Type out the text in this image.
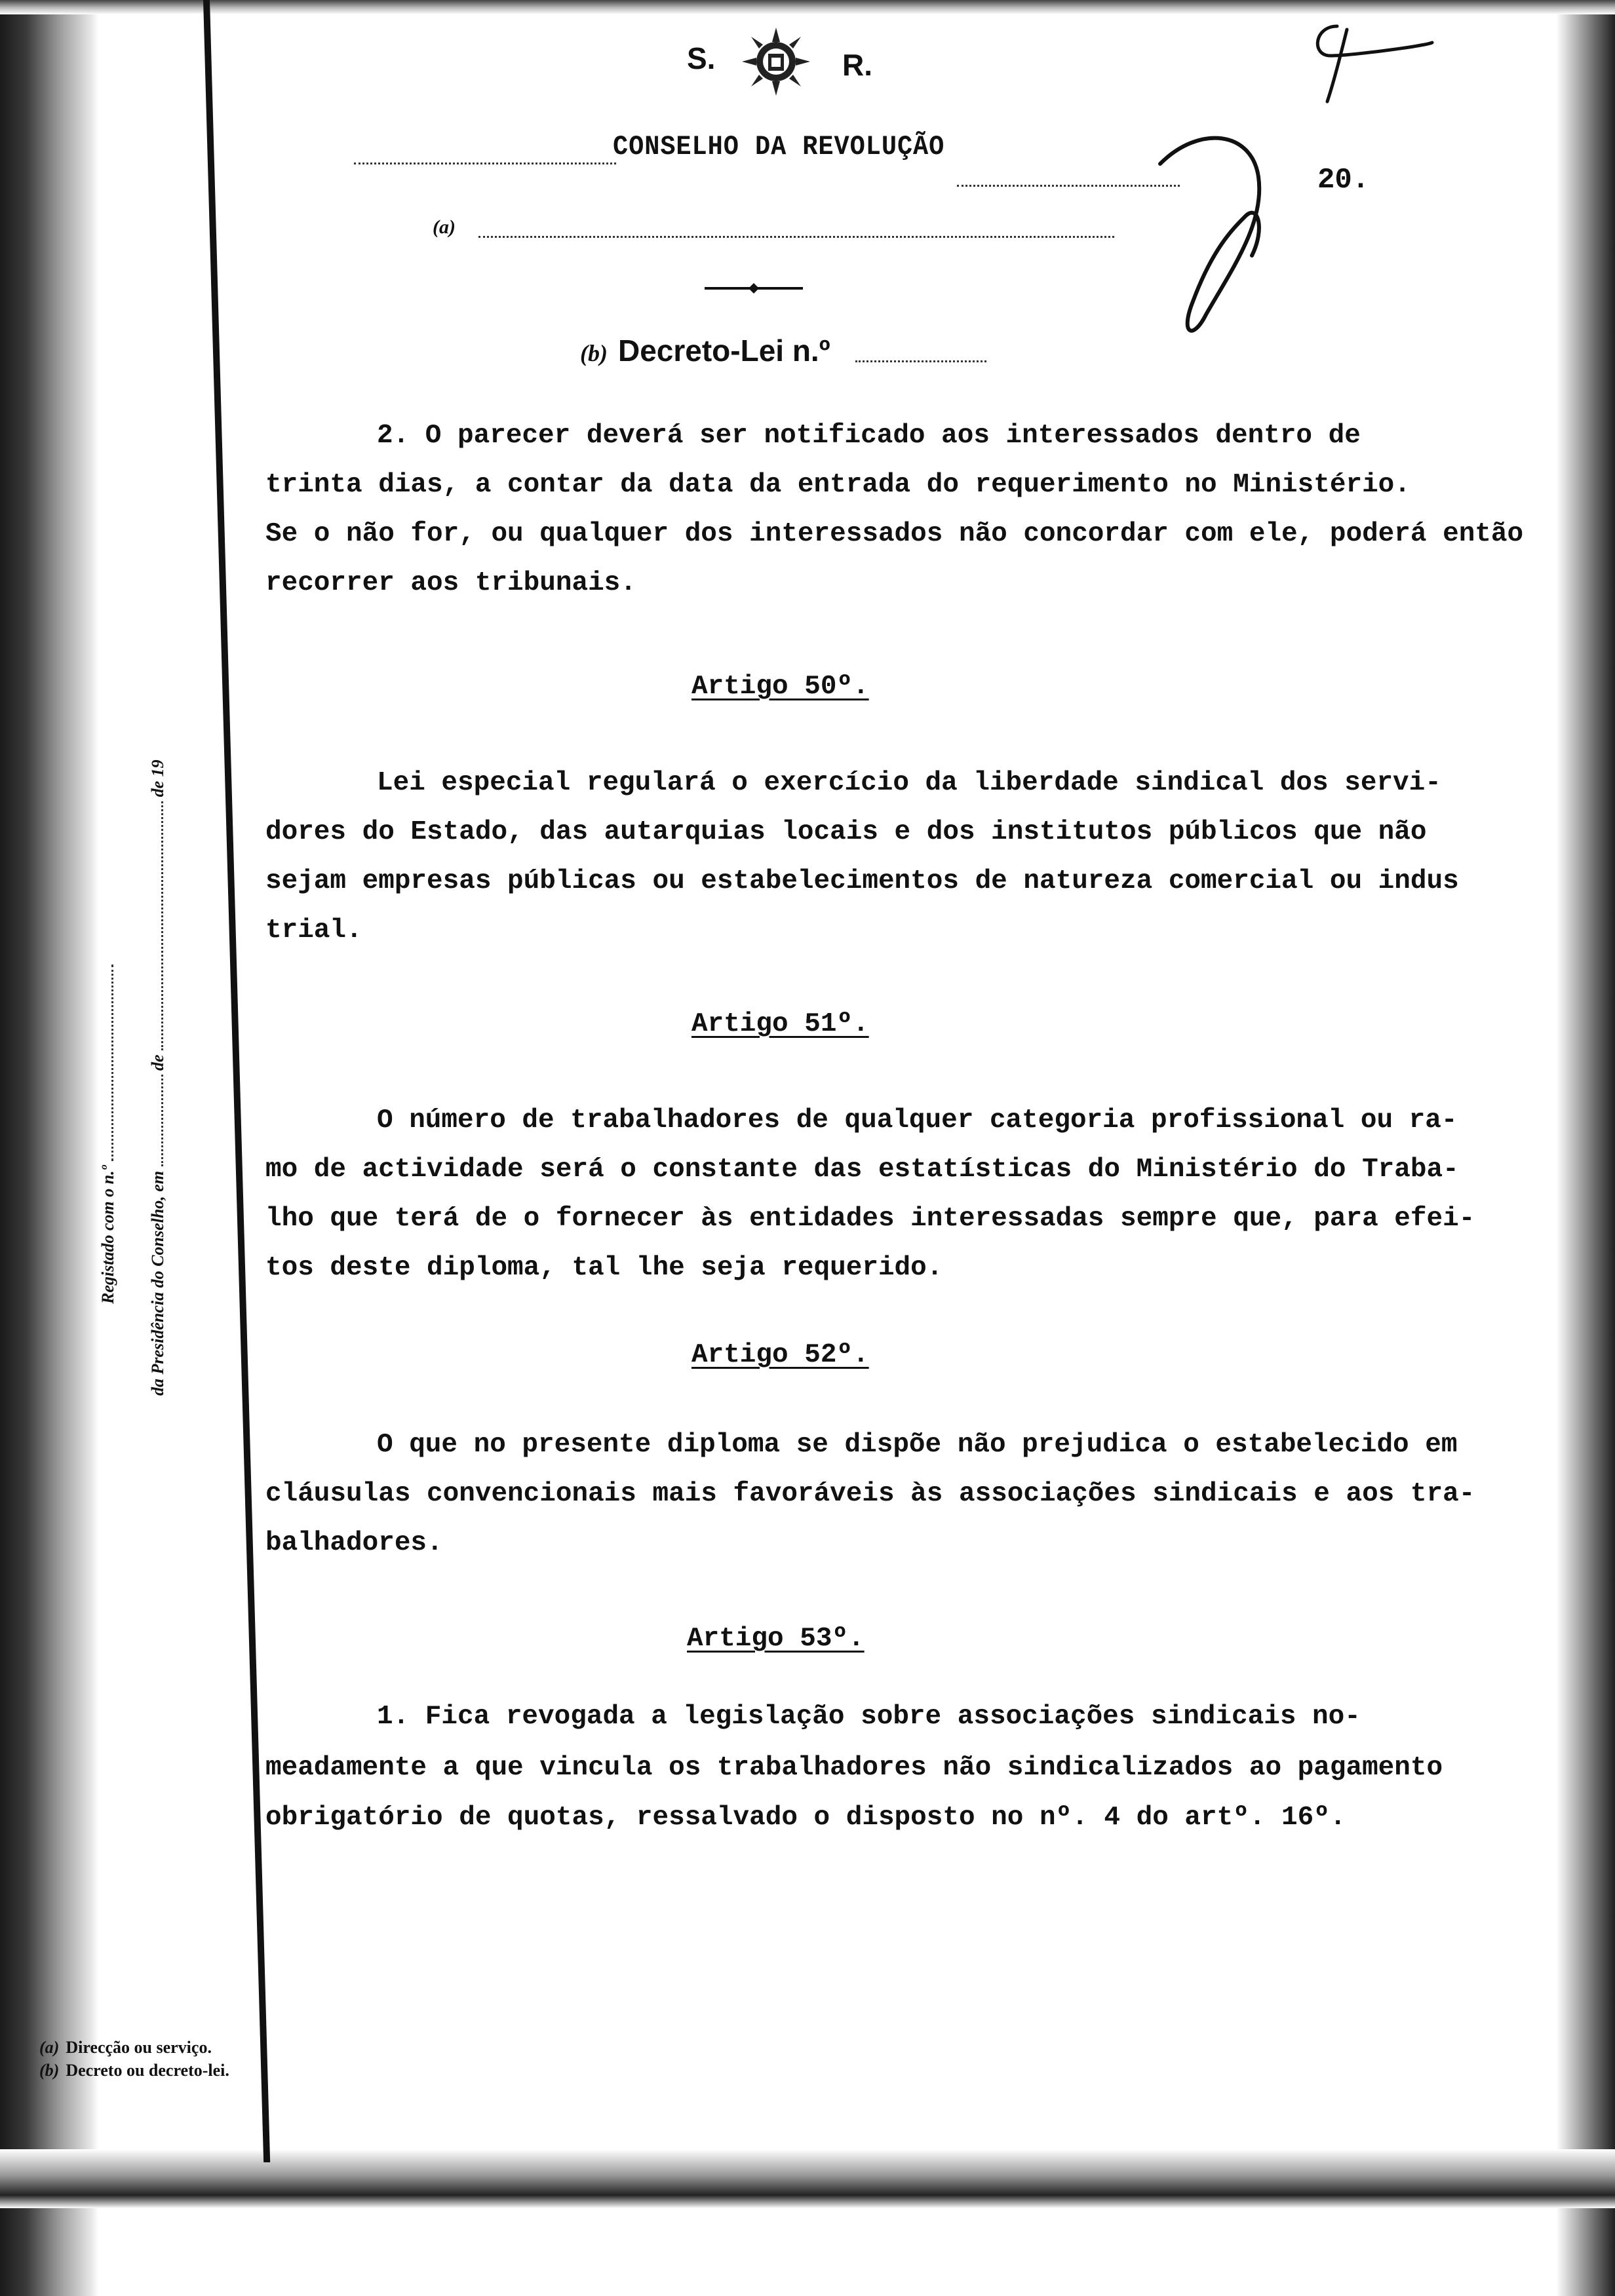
S.	R.
CONSELHO DA REVOLUÇÃO
20.
(a)
(b) Decreto-Lei n.º
Registado com o n.º da Presidência do Conselho, em  de  de 19
2. O parecer deverá ser notificado aos interessados dentro de
trinta dias, a contar da data da entrada do requerimento no Ministério.
Se o não for, ou qualquer dos interessados não concordar com ele, poderá então
recorrer aos tribunais.
Artigo 50º.
Lei especial regulará o exercício da liberdade sindical dos servi-
dores do Estado, das autarquias locais e dos institutos públicos que não
sejam empresas públicas ou estabelecimentos de natureza comercial ou indus
trial.
Artigo 51º.
O número de trabalhadores de qualquer categoria profissional ou ra-
mo de actividade será o constante das estatísticas do Ministério do Traba-
lho que terá de o fornecer às entidades interessadas sempre que, para efei-
tos deste diploma, tal lhe seja requerido.
Artigo 52º.
O que no presente diploma se dispõe não prejudica o estabelecido em
cláusulas convencionais mais favoráveis às associações sindicais e aos tra-
balhadores.
Artigo 53º.
1. Fica revogada a legislação sobre associações sindicais no-
meadamente a que vincula os trabalhadores não sindicalizados ao pagamento
obrigatório de quotas, ressalvado o disposto no nº. 4 do artº. 16º.
(a) Direcção ou serviço.
(b) Decreto ou decreto-lei.
